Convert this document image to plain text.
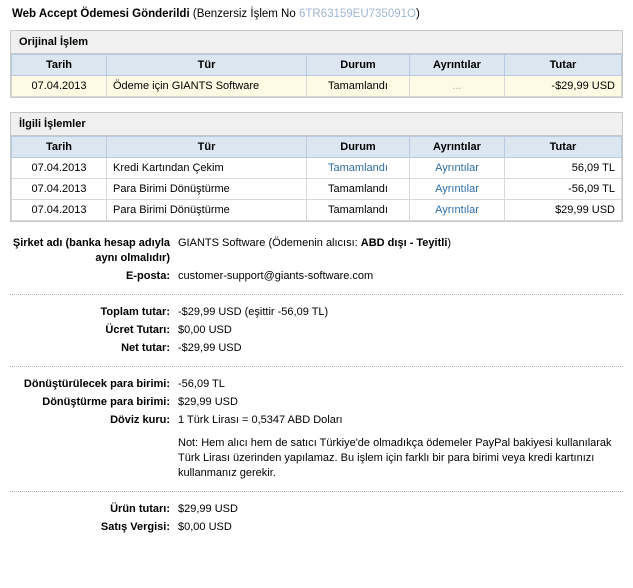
Web Accept Ödemesi Gönderildi (Benzersiz İşlem No 6TR63159EU735091O)
Orijinal İşlem
Tarih	Tür	Durum	Ayrıntılar	Tutar
07.04.2013	Ödeme için GIANTS Software	Tamamlandı	...	-$29,99 USD
İlgili İşlemler
Tarih	Tür	Durum	Ayrıntılar	Tutar
07.04.2013	Kredi Kartından Çekim	Tamamlandı	Ayrıntılar	56,09 TL
07.04.2013	Para Birimi Dönüştürme	Tamamlandı	Ayrıntılar	-56,09 TL
07.04.2013	Para Birimi Dönüştürme	Tamamlandı	Ayrıntılar	$29,99 USD
Şirket adı (banka hesap adıyla aynı olmalıdır)
GIANTS Software (Ödemenin alıcısı: ABD dışı - Teyitli)
E-posta: customer-support@giants-software.com
Toplam tutar: -$29,99 USD (eşittir -56,09 TL)
Ücret Tutarı: $0,00 USD
Net tutar: -$29,99 USD
Dönüştürülecek para birimi: -56,09 TL
Dönüştürme para birimi: $29,99 USD
Döviz kuru: 1 Türk Lirası = 0,5347 ABD Doları
Not: Hem alıcı hem de satıcı Türkiye'de olmadıkça ödemeler PayPal bakiyesi kullanılarak Türk Lirası üzerinden yapılamaz. Bu işlem için farklı bir para birimi veya kredi kartınızı kullanmanız gerekir.
Ürün tutarı: $29,99 USD
Satış Vergisi: $0,00 USD
